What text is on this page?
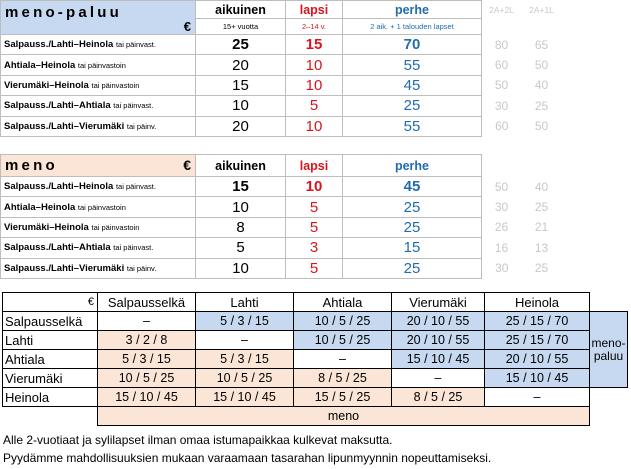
meno-paluu
€	aikuinen	lapsi	perhe	2A+2L	2A+1L
	15+ vuotta	2–14 v.	2 aik. + 1 talouden lapset		
Salpauss./Lahti–Heinola tai päinvast.	25	15	70	80	65
Ahtiala–Heinola tai päinvastoin	20	10	55	60	50
Vierumäki–Heinola tai päinvastoin	15	10	45	50	40
Salpauss./Lahti–Ahtiala tai päinvast.	10	5	25	30	25
Salpauss./Lahti–Vierumäki tai päinv.	20	10	55	60	50
meno €	aikuinen	lapsi	perhe		
Salpauss./Lahti–Heinola tai päinvast.	15	10	45	50	40
Ahtiala–Heinola tai päinvastoin	10	5	25	30	25
Vierumäki–Heinola tai päinvastoin	8	5	25	26	21
Salpauss./Lahti–Ahtiala tai päinvast.	5	3	15	16	13
Salpauss./Lahti–Vierumäki tai päinv.	10	5	25	30	25
€	Salpausselkä	Lahti	Ahtiala	Vierumäki	Heinola	
Salpausselkä	–	5 / 3 / 15	10 / 5 / 25	20 / 10 / 55	25 / 15 / 70	meno-
paluu

Lahti	3 / 2 / 8	–	10 / 5 / 25	20 / 10 / 55	25 / 15 / 70	
Ahtiala	5 / 3 / 15	5 / 3 / 15	–	15 / 10 / 45	20 / 10 / 55	
Vierumäki	10 / 5 / 25	10 / 5 / 25	8 / 5 / 25	–	15 / 10 / 45	
Heinola	15 / 10 / 45	15 / 10 / 45	15 / 5 / 25	8 / 5 / 25	–	
	meno					
Alle 2-vuotiaat ja sylilapset ilman omaa istumapaikkaa kulkevat maksutta.
Pyydämme mahdollisuuksien mukaan varaamaan tasarahan lipunmyynnin nopeuttamiseksi.
